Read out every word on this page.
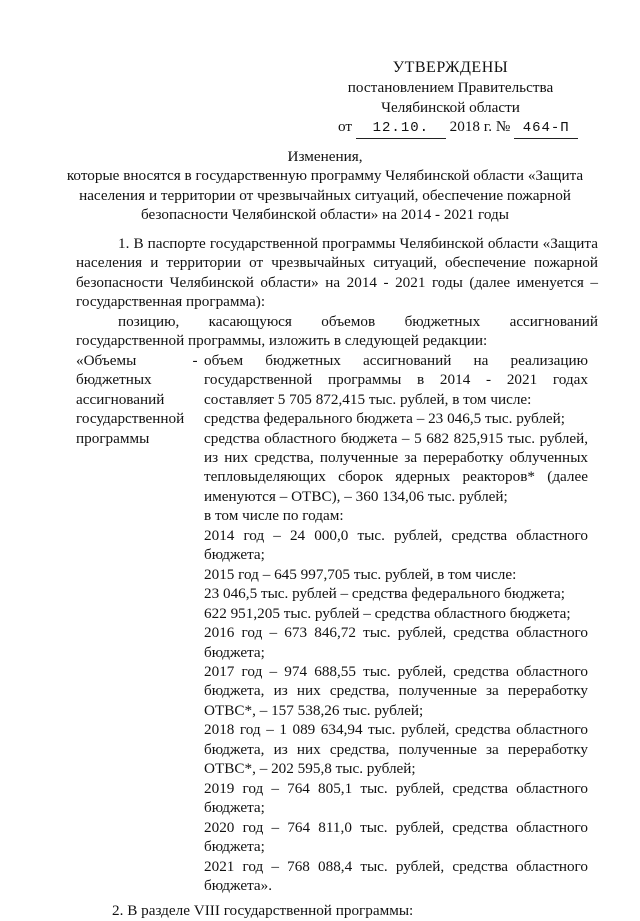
УТВЕРЖДЕНЫ
постановлением Правительства
Челябинской области
от 12.10. 2018 г. № 464-П
Изменения,
которые вносятся в государственную программу Челябинской области «Защита
населения и территории от чрезвычайных ситуаций, обеспечение пожарной
безопасности Челябинской области» на 2014 - 2021 годы

1. В паспорте государственной программы Челябинской области «Защита населения и территории от чрезвычайных ситуаций, обеспечение пожарной безопасности Челябинской области» на 2014 - 2021 годы (далее именуется – государственная программа):

позицию, касающуюся объемов бюджетных ассигнований

государственной программы, изложить в следующей редакции:

«Объемы
бюджетных
ассигнований
государственной
программы
- объем бюджетных ассигнований на реализацию государственной программы в 2014 - 2021 годах составляет 5 705 872,415 тыс. рублей, в том числе:

средства федерального бюджета – 23 046,5 тыс. рублей;

средства областного бюджета – 5 682 825,915 тыс. рублей, из них средства, полученные за переработку облученных тепловыделяющих сборок ядерных реакторов* (далее именуются – ОТВС), – 360 134,06 тыс. рублей;

в том числе по годам:

2014 год – 24 000,0 тыс. рублей, средства областного бюджета;

2015 год – 645 997,705 тыс. рублей, в том числе:

23 046,5 тыс. рублей – средства федерального бюджета;

622 951,205 тыс. рублей – средства областного бюджета;

2016 год – 673 846,72 тыс. рублей, средства областного бюджета;

2017 год – 974 688,55 тыс. рублей, средства областного бюджета, из них средства, полученные за переработку ОТВС*, – 157 538,26 тыс. рублей;

2018 год – 1 089 634,94 тыс. рублей, средства областного бюджета, из них средства, полученные за переработку ОТВС*, – 202 595,8 тыс. рублей;

2019 год – 764 805,1 тыс. рублей, средства областного бюджета;

2020 год – 764 811,0 тыс. рублей, средства областного бюджета;

2021 год – 768 088,4 тыс. рублей, средства областного бюджета».

2. В разделе VIII государственной программы:
